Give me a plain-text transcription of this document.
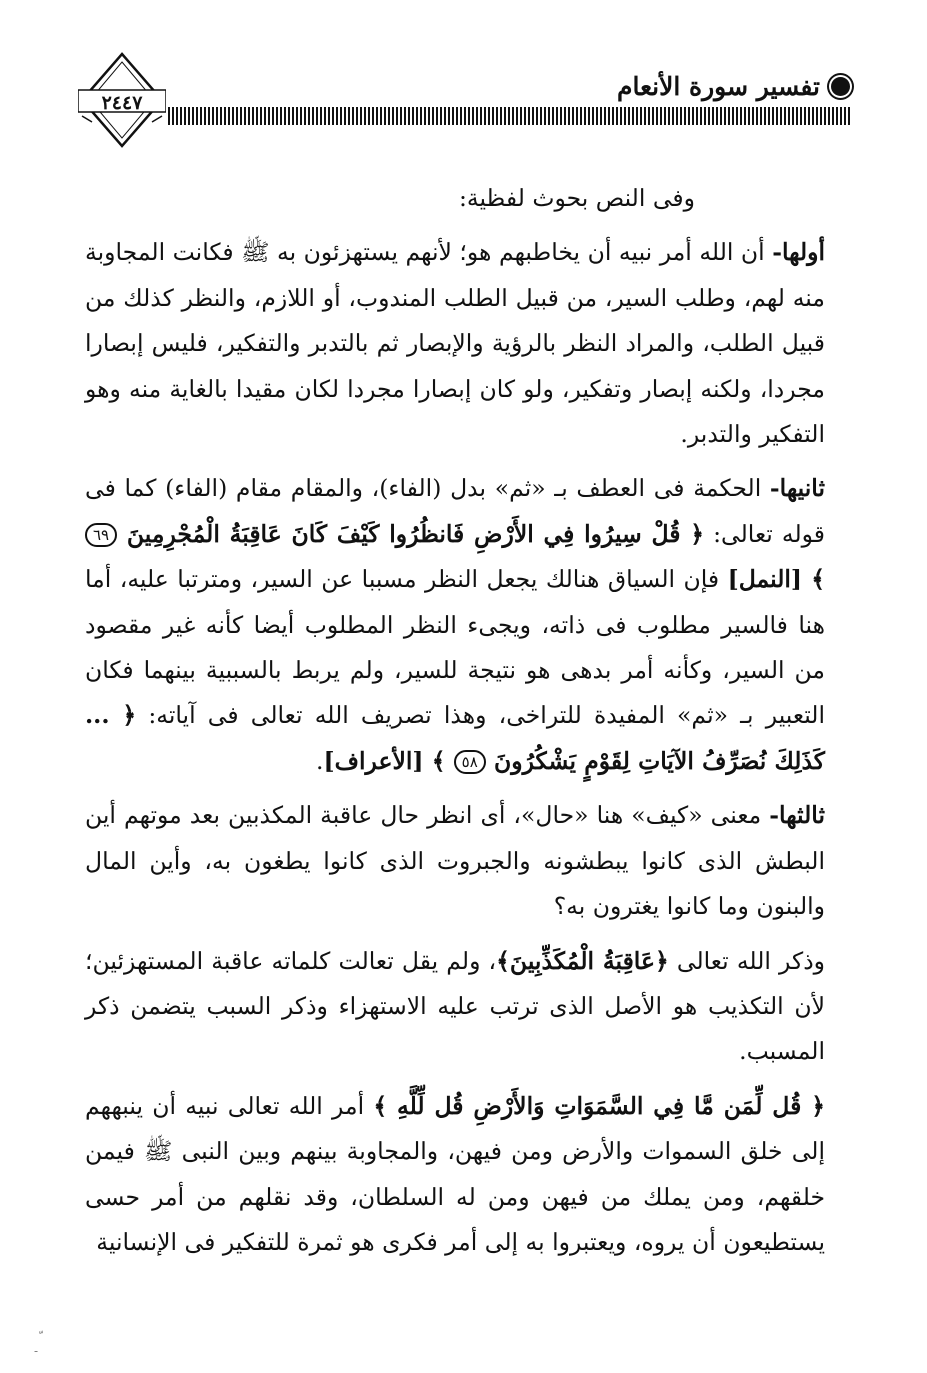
تفسير سورة الأنعام
٢٤٤٧

وفى النص بحوث لفظية:

أولها- أن الله أمر نبيه أن يخاطبهم هو؛ لأنهم يستهزئون به ﷺ فكانت المجاوبة منه لهم، وطلب السير، من قبيل الطلب المندوب، أو اللازم، والنظر كذلك من قبيل الطلب، والمراد النظر بالرؤية والإبصار ثم بالتدبر والتفكير، فليس إبصارا مجردا، ولكنه إبصار وتفكير، ولو كان إبصارا مجردا لكان مقيدا بالغاية منه وهو التفكير والتدبر.

ثانيها- الحكمة فى العطف بـ «ثم» بدل (الفاء)، والمقام مقام (الفاء) كما فى قوله تعالى: ﴿ قُلْ سِيرُوا فِي الأَرْضِ فَانظُرُوا كَيْفَ كَانَ عَاقِبَةُ الْمُجْرِمِينَ ٦٩ ﴾ [النمل] فإن السياق هنالك يجعل النظر مسببا عن السير، ومترتبا عليه، أما هنا فالسير مطلوب فى ذاته، ويجىء النظر المطلوب أيضا كأنه غير مقصود من السير، وكأنه أمر بدهى هو نتيجة للسير، ولم يربط بالسببية بينهما فكان التعبير بـ «ثم» المفيدة للتراخى، وهذا تصريف الله تعالى فى آياته: ﴿ ... كَذَلِكَ نُصَرِّفُ الآيَاتِ لِقَوْمٍ يَشْكُرُونَ ٥٨ ﴾ [الأعراف].

ثالثها- معنى «كيف» هنا «حال»، أى انظر حال عاقبة المكذبين بعد موتهم أين البطش الذى كانوا يبطشونه والجبروت الذى كانوا يطغون به، وأين المال والبنون وما كانوا يغترون به؟

وذكر الله تعالى ﴿عَاقِبَةُ الْمُكَذِّبِينَ﴾، ولم يقل تعالت كلماته عاقبة المستهزئين؛ لأن التكذيب هو الأصل الذى ترتب عليه الاستهزاء وذكر السبب يتضمن ذكر المسبب.

﴿ قُل لِّمَن مَّا فِي السَّمَوَاتِ وَالأَرْضِ قُل لِّلَّهِ ﴾ أمر الله تعالى نبيه أن ينبههم إلى خلق السموات والأرض ومن فيهن، والمجاوبة بينهم وبين النبى ﷺ فيمن خلقهم، ومن يملك من فيهن ومن له السلطان، وقد نقلهم من أمر حسى يستطيعون أن يروه، ويعتبروا به إلى أمر فكرى هو ثمرة للتفكير فى الإنسانية

-
